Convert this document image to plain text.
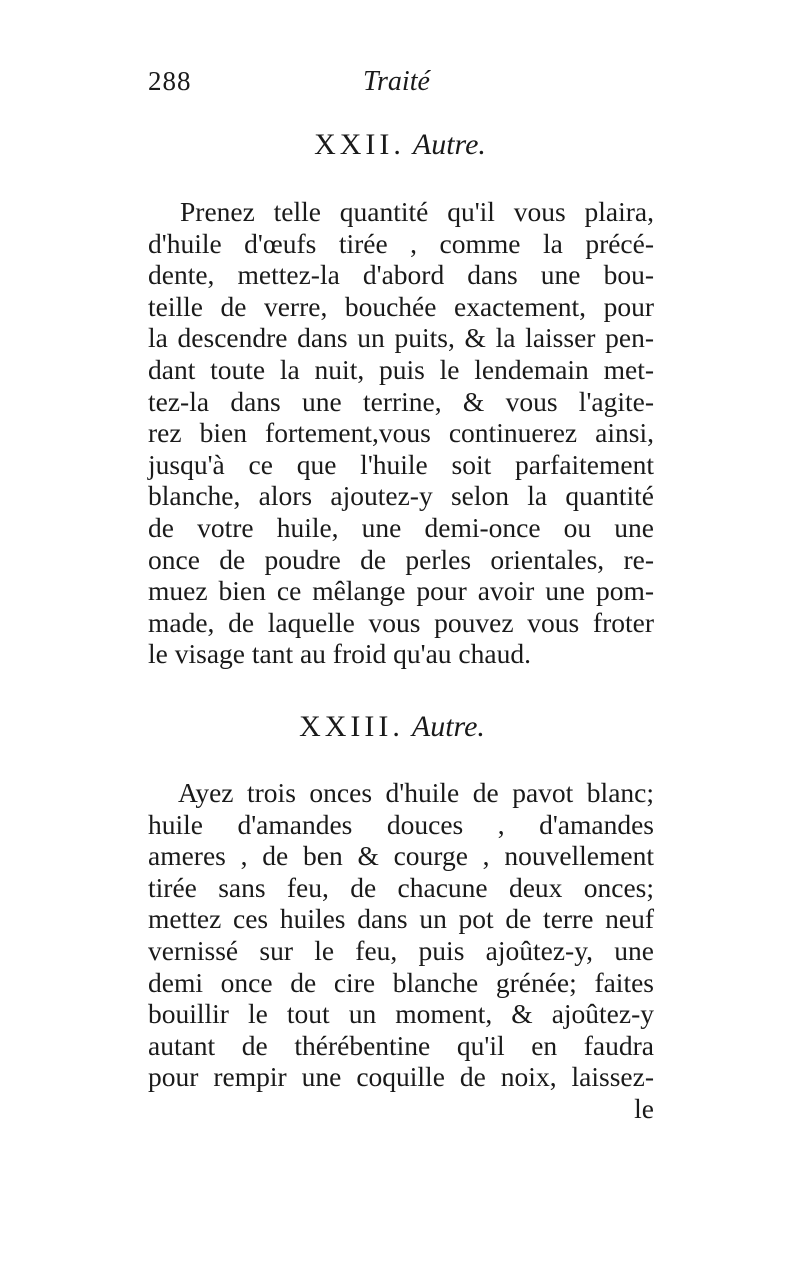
288	Traité
XXII. Autre.

Prenez telle quantité qu'il vous plaira,
d'huile d'œufs tirée , comme la précé-
dente, mettez-la d'abord dans une bou-
teille de verre, bouchée exactement, pour
la descendre dans un puits, & la laisser pen-
dant toute la nuit, puis le lendemain met-
tez-la dans une terrine, & vous l'agite-
rez bien fortement,vous continuerez ainsi,
jusqu'à ce que l'huile soit parfaitement
blanche, alors ajoutez-y selon la quantité
de votre huile, une demi-once ou une
once de poudre de perles orientales, re-
muez bien ce mêlange pour avoir une pom-
made, de laquelle vous pouvez vous froter
le visage tant au froid qu'au chaud.

XXIII. Autre.

Ayez trois onces d'huile de pavot blanc;
huile d'amandes douces , d'amandes
ameres , de ben & courge , nouvellement
tirée sans feu, de chacune deux onces;
mettez ces huiles dans un pot de terre neuf
vernissé sur le feu, puis ajoûtez-y, une
demi once de cire blanche grénée; faites
bouillir le tout un moment, & ajoûtez-y
autant de thérébentine qu'il en faudra
pour rempir une coquille de noix, laissez-
le
